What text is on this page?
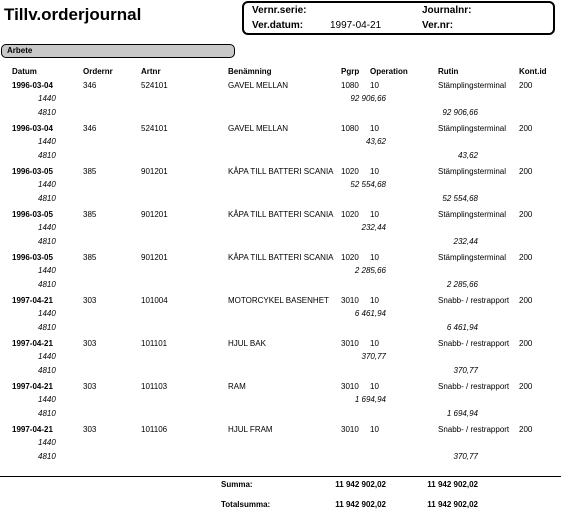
Tillv.orderjournal	Vernr.serie:	Journalnr:
Ver.datum:	1997-04-21	Ver.nr:
Arbete
Datum	Ordernr	Artnr	Benämning	Pgrp Operation	Rutin	Kont.id
1996-03-04	346	524101	GAVEL MELLAN	1080 10	Stämplingsterminal 200
1440	92 906,66
4810	92 906,66
1996-03-04	346	524101	GAVEL MELLAN	1080 10	Stämplingsterminal 200
1440	43,62
4810	43,62
1996-03-05	385	901201	KÅPA TILL BATTERI SCANIA 1020 10	Stämplingsterminal 200
1440	52 554,68
4810	52 554,68
1996-03-05	385	901201	KÅPA TILL BATTERI SCANIA 1020 10	Stämplingsterminal 200
1440	232,44
4810	232,44
1996-03-05	385	901201	KÅPA TILL BATTERI SCANIA 1020 10	Stämplingsterminal 200
1440	2 285,66
4810	2 285,66
1997-04-21	303	101004	MOTORCYKEL BASENHET 3010 10	Snabb- / restrapport 200
1440	6 461,94
4810	6 461,94
1997-04-21	303	101101	HJUL BAK	3010 10	Snabb- / restrapport 200
1440	370,77
4810	370,77
1997-04-21	303	101103	RAM	3010 10	Snabb- / restrapport 200
1440	1 694,94
4810	1 694,94
1997-04-21	303	101106	HJUL FRAM	3010 10	Snabb- / restrapport 200
1440
4810	370,77
Summa:	11 942 902,02	11 942 902,02
Totalsumma:	11 942 902,02	11 942 902,02
